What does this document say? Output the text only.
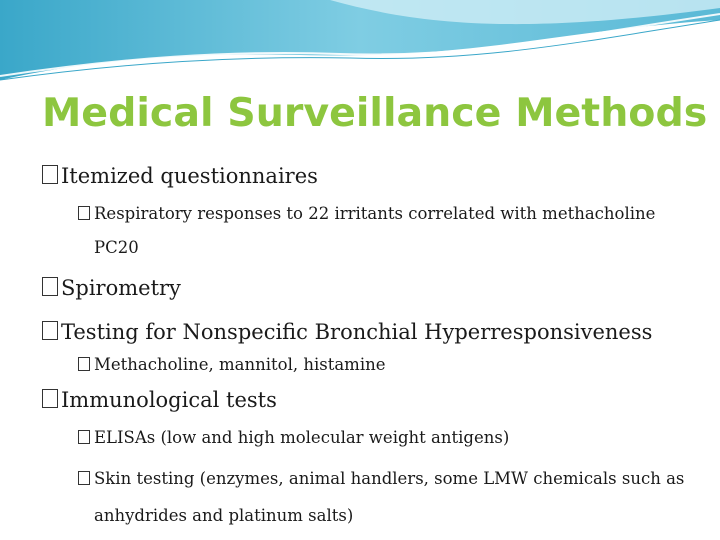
Medical Surveillance Methods
Itemized questionnaires
Respiratory responses to 22 irritants correlated with methacholine
PC20
Spirometry
Testing for Nonspecific Bronchial Hyperresponsiveness
Methacholine, mannitol, histamine
Immunological tests
ELISAs (low and high molecular weight antigens)
Skin testing (enzymes, animal handlers, some LMW chemicals such as
anhydrides and platinum salts)
